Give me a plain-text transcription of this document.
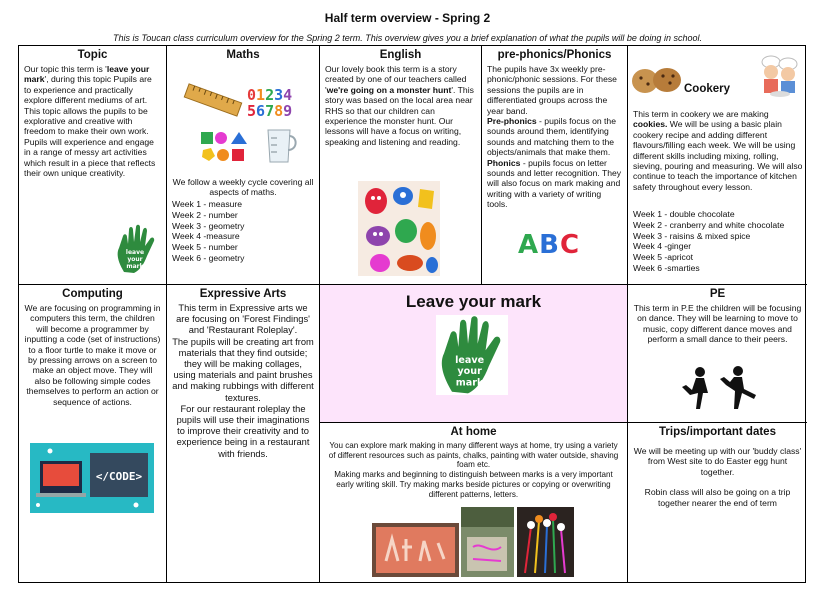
Half term overview - Spring 2
This is Toucan class curriculum overview for the Spring 2 term. This overview gives you a brief explanation of what the pupils will be doing in school.
Topic
Our topic this term is 'leave your mark', during this topic Pupils are to experience and practically explore different mediums of art. This topic allows the pupils to be explorative and creative with freedom to make their own work.
Pupils will experience and engage in a range of messy art activities which result in a piece that reflects their own unique creativity.
leave
your
mark
Maths
01234
56789
We follow a weekly cycle covering all aspects of maths.
Week 1 - measure
Week 2 - number
Week 3 - geometry
Week 4 -measure
Week 5 - number
Week 6 - geometry
English
Our lovely book this term is a story created by one of our teachers called 'we're going on a monster hunt'. This story was based on the local area near RHS so that our children can experience the monster hunt. Our lessons will have a focus on writing, speaking and listening and reading.
pre-phonics/Phonics
The pupils have 3x weekly pre-phonic/phonic sessions. For these sessions the pupils are in differentiated groups across the year band.
Pre-phonics - pupils focus on the sounds around them, identifying sounds and matching them to the objects/animals that make them.
Phonics - pupils focus on letter sounds and letter recognition. They will also focus on mark making and writing with a variety of writing tools.
ABC
Cookery
This term in cookery we are making cookies. We will be using a basic plain cookery recipe and adding different flavours/filling each week. We will be using different skills including mixing, rolling, sieving, pouring and measuring. We will also continue to teach the importance of kitchen safety throughout every lesson.
Week 1 - double chocolate
Week 2 - cranberry and white chocolate
Week 3 - raisins & mixed spice
Week 4 -ginger
Week 5 -apricot
Week 6 -smarties
Computing
We are focusing on programming in computers this term, the children will become a programmer by inputting a code (set of instructions) to a floor turtle to make it move or by pressing arrows on a screen to make an object move. They will also be following simple codes themselves to perform an action or sequence of actions.
</CODE>
Expressive Arts
This term in Expressive arts we are focusing on 'Forest Findings' and 'Restaurant Roleplay'.
The pupils will be creating art from materials that they find outside; they will be making collages, using materials and paint brushes and making rubbings with different textures.
For our restaurant roleplay the pupils will use their imaginations to improve their creativity and to experience being in a restaurant with friends.
Leave your mark
leave
your
mark
PE
This term in P.E the children will be focusing on dance. They will be learning to move to music, copy different dance moves and perform a small dance to their peers.
At home
You can explore mark making in many different ways at home, try using a variety of different resources such as paints, chalks, painting with water outside, shaving foam etc.
Making marks and beginning to distinguish between marks is a very important early writing skill. Try making marks beside pictures or copying or overwriting different patterns, letters.
Trips/important dates
We will be meeting up with our 'buddy class' from West site to do Easter egg hunt together.
Robin class will also be going on a trip together nearer the end of term
